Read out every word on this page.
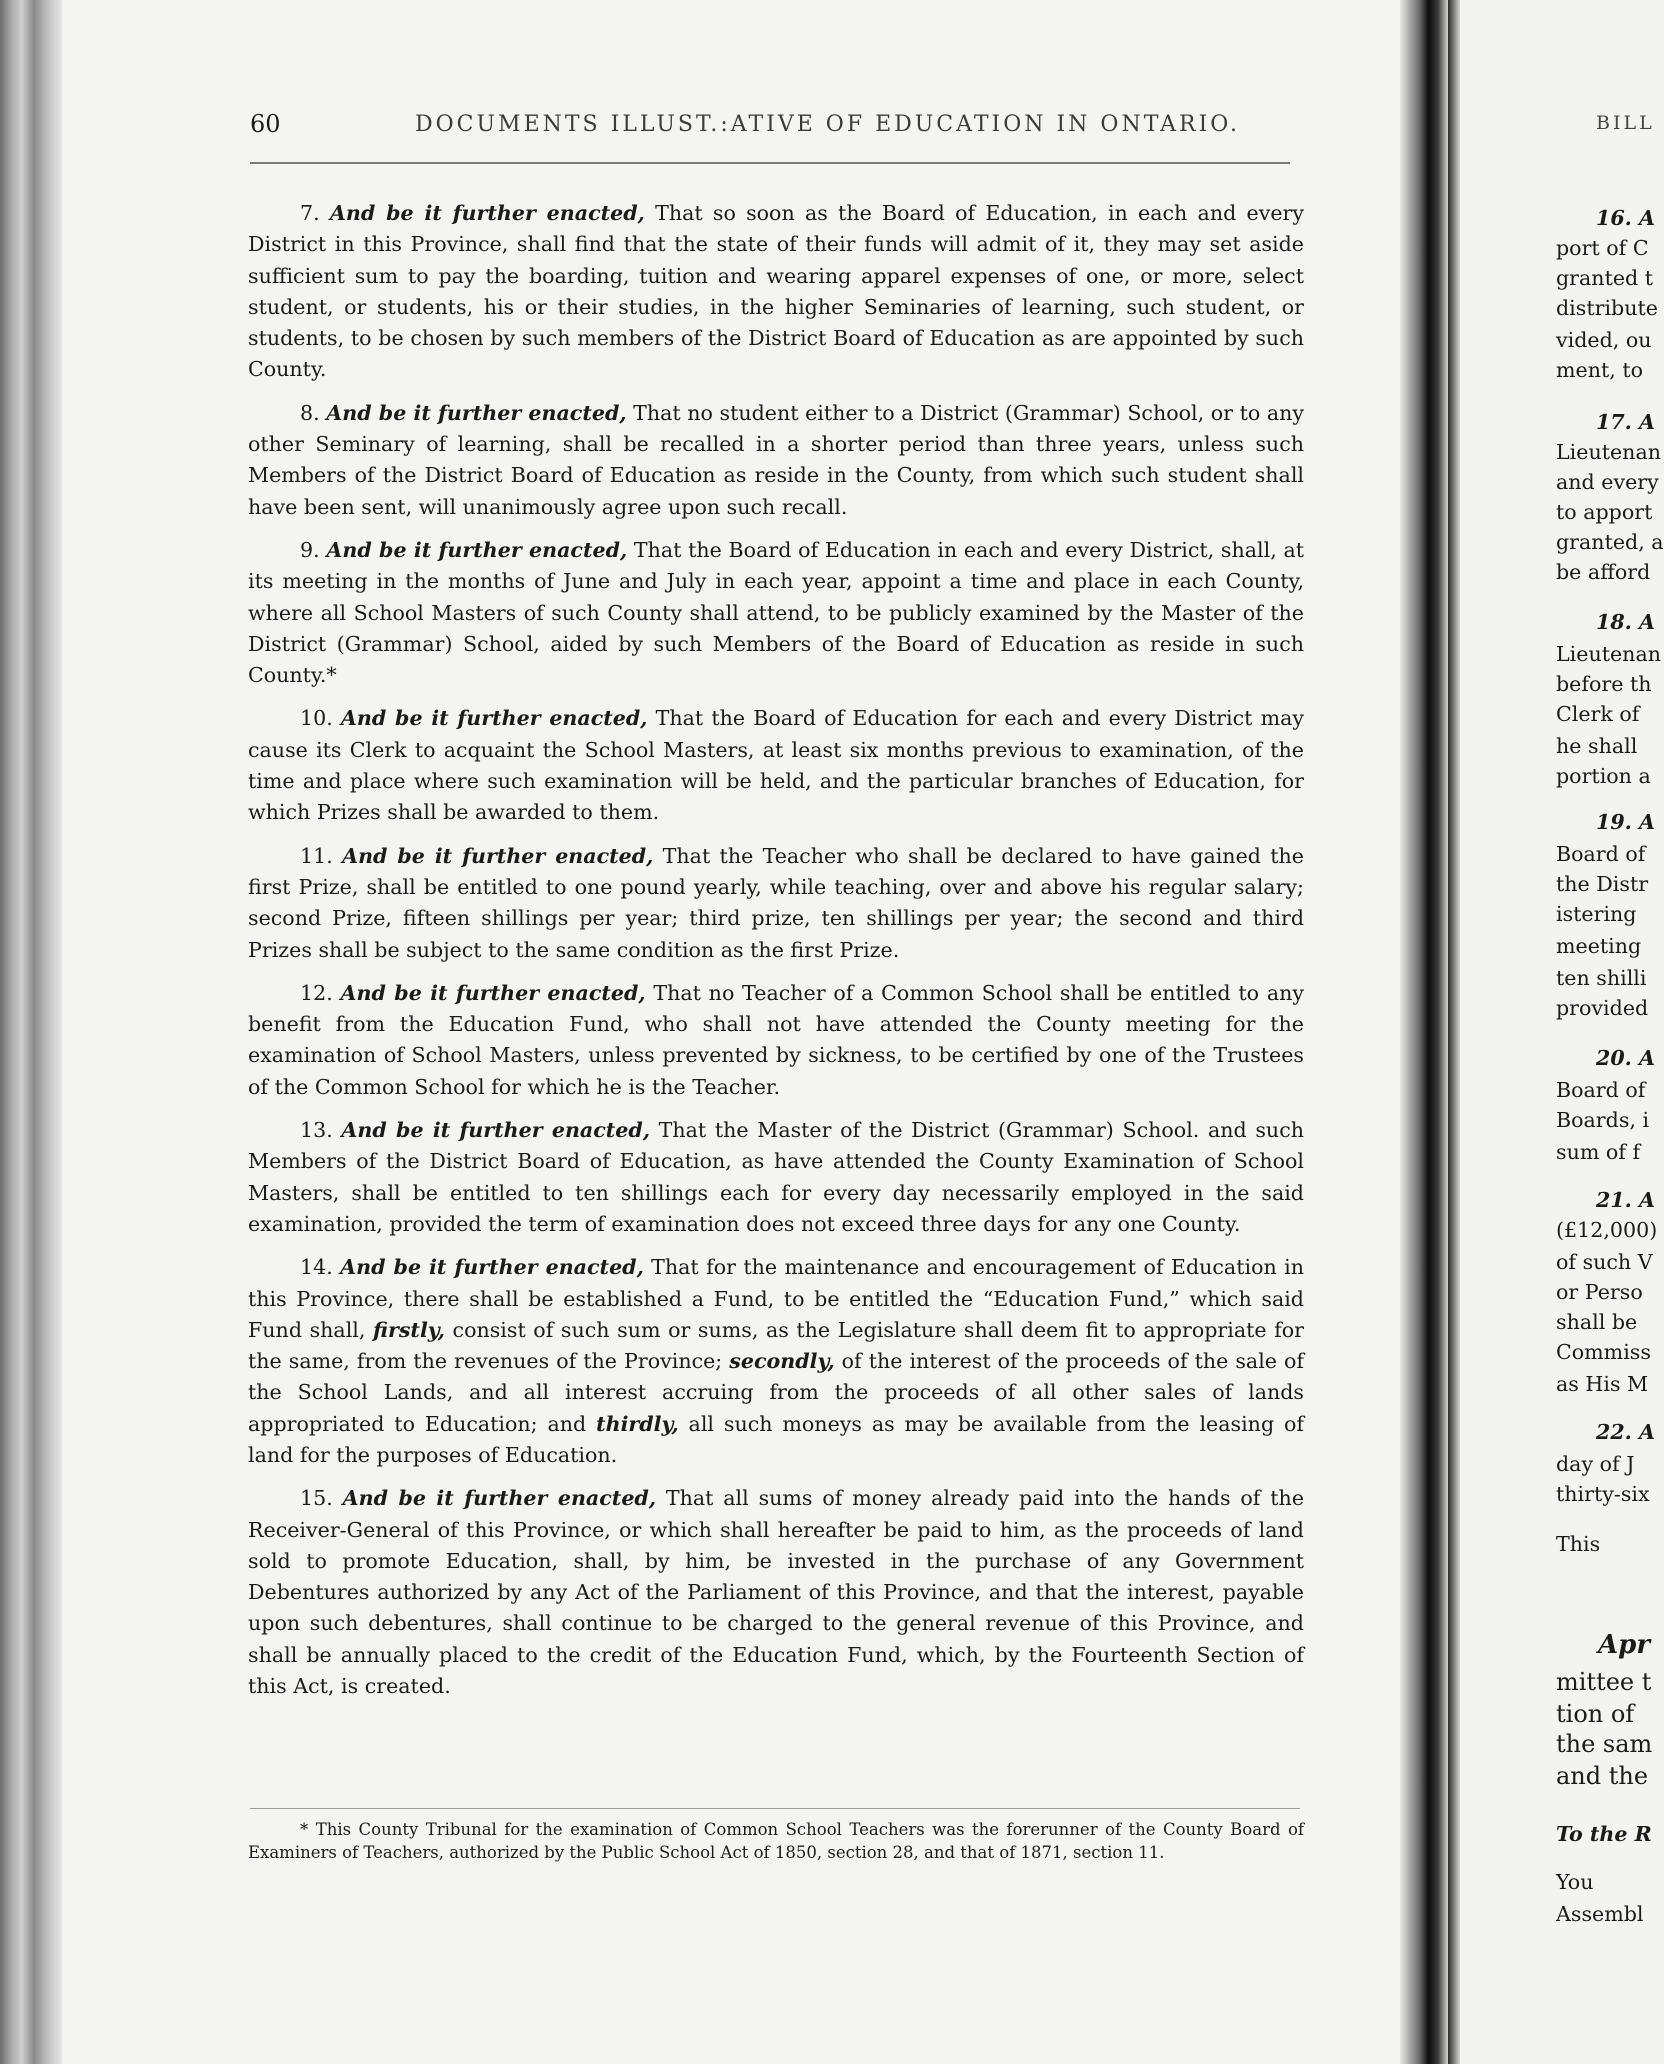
60	DOCUMENTS ILLUST.:ATIVE OF EDUCATION IN ONTARIO.

7. And be it further enacted, That so soon as the Board of Education, in each and every District in this Province, shall find that the state of their funds will admit of it, they may set aside sufficient sum to pay the boarding, tuition and wearing apparel expenses of one, or more, select student, or students, his or their studies, in the higher Seminaries of learning, such student, or students, to be chosen by such members of the District Board of Education as are appointed by such County.

8. And be it further enacted, That no student either to a District (Grammar) School, or to any other Seminary of learning, shall be recalled in a shorter period than three years, unless such Members of the District Board of Education as reside in the County, from which such student shall have been sent, will unanimously agree upon such recall.

9. And be it further enacted, That the Board of Education in each and every District, shall, at its meeting in the months of June and July in each year, appoint a time and place in each County, where all School Masters of such County shall attend, to be publicly examined by the Master of the District (Grammar) School, aided by such Members of the Board of Education as reside in such County.*

10. And be it further enacted, That the Board of Education for each and every District may cause its Clerk to acquaint the School Masters, at least six months previous to examination, of the time and place where such examination will be held, and the particular branches of Education, for which Prizes shall be awarded to them.

11. And be it further enacted, That the Teacher who shall be declared to have gained the first Prize, shall be entitled to one pound yearly, while teaching, over and above his regular salary; second Prize, fifteen shillings per year; third prize, ten shillings per year; the second and third Prizes shall be subject to the same condition as the first Prize.

12. And be it further enacted, That no Teacher of a Common School shall be entitled to any benefit from the Education Fund, who shall not have attended the County meeting for the examination of School Masters, unless prevented by sickness, to be certified by one of the Trustees of the Common School for which he is the Teacher.

13. And be it further enacted, That the Master of the District (Grammar) School. and such Members of the District Board of Education, as have attended the County Examination of School Masters, shall be entitled to ten shillings each for every day necessarily employed in the said examination, provided the term of examination does not exceed three days for any one County.

14. And be it further enacted, That for the maintenance and encouragement of Education in this Province, there shall be established a Fund, to be entitled the “Education Fund,” which said Fund shall, firstly, consist of such sum or sums, as the Legislature shall deem fit to appropriate for the same, from the revenues of the Province; secondly, of the interest of the proceeds of the sale of the School Lands, and all interest accruing from the proceeds of all other sales of lands appropriated to Education; and thirdly, all such moneys as may be available from the leasing of land for the purposes of Education.

15. And be it further enacted, That all sums of money already paid into the hands of the Receiver-General of this Province, or which shall hereafter be paid to him, as the proceeds of land sold to promote Education, shall, by him, be invested in the purchase of any Government Debentures authorized by any Act of the Parliament of this Province, and that the interest, payable upon such debentures, shall continue to be charged to the general revenue of this Province, and shall be annually placed to the credit of the Education Fund, which, by the Fourteenth Section of this Act, is created.

* This County Tribunal for the examination of Common School Teachers was the forerunner of the County Board of Examiners of Teachers, authorized by the Public School Act of 1850, section 28, and that of 1871, section 11.
BILL
16. A
port of C
granted t
distribute
vided, ou
ment, to
17. A
Lieutenan
and every
to apport
granted, a
be afford
18. A
Lieutenan
before th
Clerk of
he shall
portion a
19. A
Board of
the Distr
istering
meeting
ten shilli
provided
20. A
Board of
Boards, i
sum of f
21. A
(£12,000)
of such V
or Perso
shall be
Commiss
as His M
22. A
day of J
thirty-six
This
Apr
mittee t
tion of
the sam
and the
To the R
You
Assembl
